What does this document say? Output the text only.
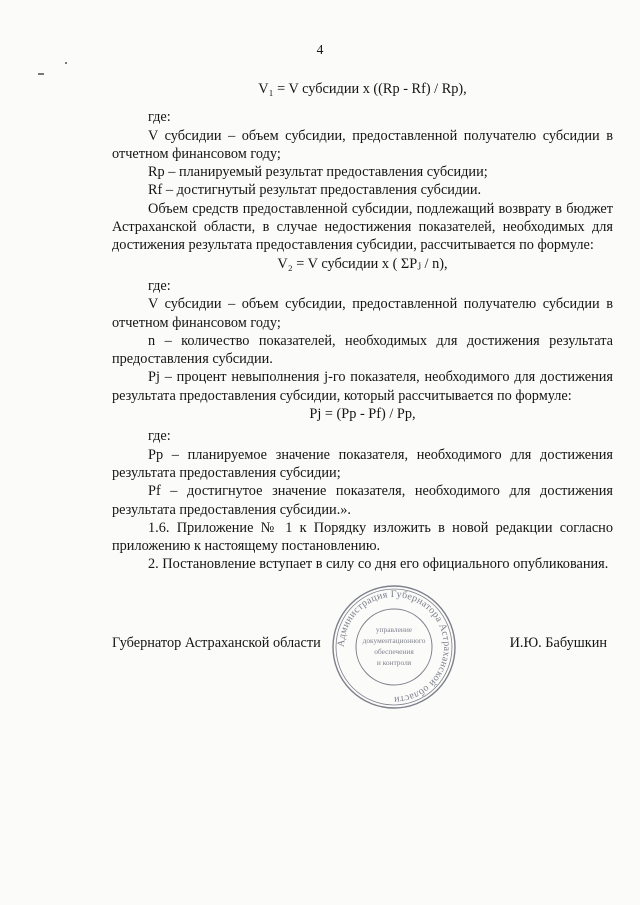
4

V₁ = V субсидии х ((Rp - Rf) / Rp),

где:

V субсидии – объем субсидии, предоставленной получателю субсидии в отчетном финансовом году;

Rp – планируемый результат предоставления субсидии;

Rf – достигнутый результат предоставления субсидии.

Объем средств предоставленной субсидии, подлежащий возврату в бюджет Астраханской области, в случае недостижения показателей, необходимых для достижения результата предоставления субсидии, рассчитывается по формуле:

V₂ = V субсидии х ( ΣPⱼ / n),

где:

V субсидии – объем субсидии, предоставленной получателю субсидии в отчетном финансовом году;

n – количество показателей, необходимых для достижения результата предоставления субсидии.

Pj – процент невыполнения j-го показателя, необходимого для достижения результата предоставления субсидии, который рассчитывается по формуле:

Pj = (Pp - Pf) / Pp,

где:

Pp – планируемое значение показателя, необходимого для достижения результата предоставления субсидии;

Pf – достигнутое значение показателя, необходимого для достижения результата предоставления субсидии.».

1.6. Приложение № 1 к Порядку изложить в новой редакции согласно приложению к настоящему постановлению.

2. Постановление вступает в силу со дня его официального опубликования.

Администрация Губернатора Астраханской области
управление
документационного
обеспечения
и контроля
Губернатор Астраханской области	И.Ю. Бабушкин
